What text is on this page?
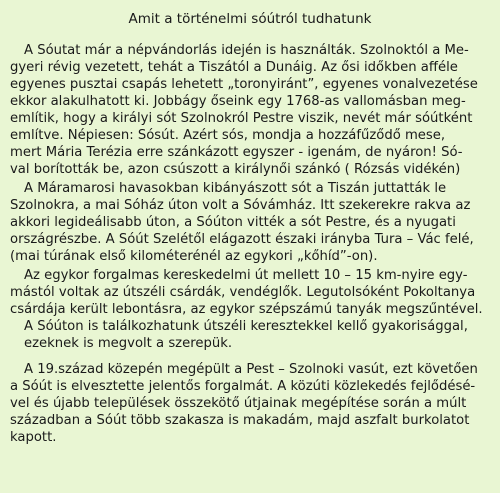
Amit a történelmi sóútról tudhatunk
A Sóutat már a népvándorlás idején is használták. Szolnoktól a Me-
gyeri révig vezetett, tehát a Tiszától a Dunáig. Az ősi időkben afféle
egyenes pusztai csapás lehetett „toronyiránt”, egyenes vonalvezetése
ekkor alakulhatott ki. Jobbágy őseink egy 1768-as vallomásban meg-
említik, hogy a királyi sót Szolnokról Pestre viszik, nevét már sóútként
említve. Népiesen: Sósút. Azért sós, mondja a hozzáfűződő mese,
mert Mária Terézia erre szánkázott egyszer - igenám, de nyáron! Só-
val borították be, azon csúszott a királynői szánkó ( Rózsás vidékén)
A Máramarosi havasokban kibányászott sót a Tiszán juttatták le
Szolnokra, a mai Sóház úton volt a Sóvámház. Itt szekerekre rakva az
akkori legideálisabb úton, a Sóúton vitték a sót Pestre, és a nyugati
országrészbe. A Sóút Szelétől elágazott északi irányba Tura – Vác felé,
(mai túrának első kilométerénél az egykori „kőhíd”-on).
Az egykor forgalmas kereskedelmi út mellett 10 – 15 km-nyire egy-
mástól voltak az útszéli csárdák, vendéglők. Legutolsóként Pokoltanya
csárdája került lebontásra, az egykor szépszámú tanyák megszűntével.
A Sóúton is találkozhatunk útszéli keresztekkel kellő gyakorisággal,
ezeknek is megvolt a szerepük.
A 19.század közepén megépült a Pest – Szolnoki vasút, ezt követően
a Sóút is elvesztette jelentős forgalmát. A közúti közlekedés fejlődésé-
vel és újabb települések összekötő útjainak megépítése során a múlt
században a Sóút több szakasza is makadám, majd aszfalt burkolatot
kapott.
